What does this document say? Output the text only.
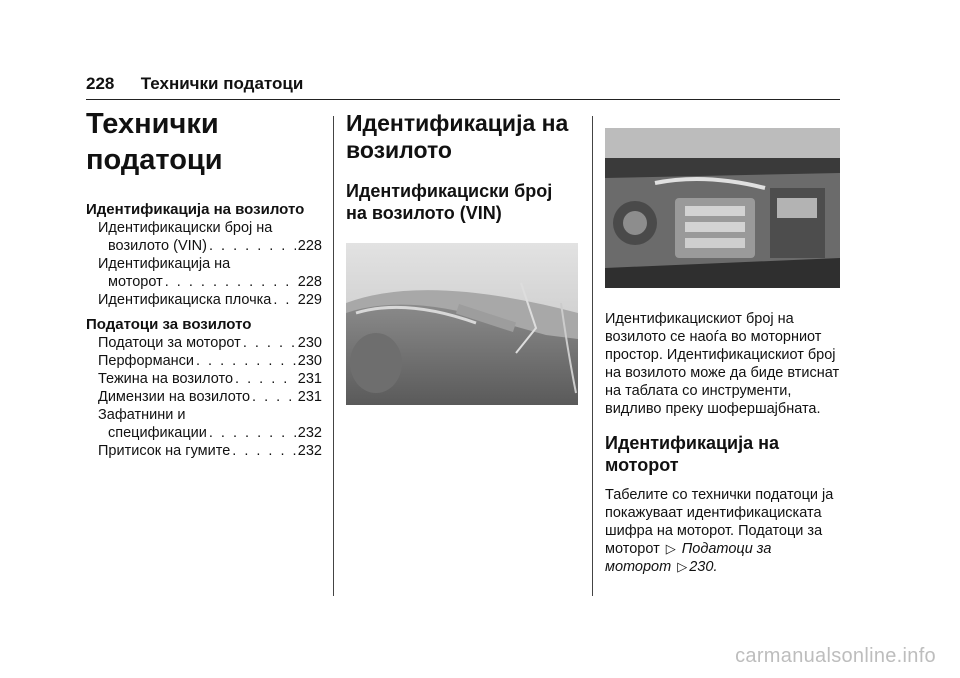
228 Технички податоци
Технички податоци

Идентификација на возилото

Идентификациски број на
возилото (VIN) . . .	228
Идентификација на
моторот . . .	228
Идентификациска плочка . . . 229

Податоци за возилото

Податоци за моторот . . .	230
Перформанси . . .	230
Тежина на возилото . . .	231
Димензии на возилото . . .	231
Зафатнини и
спецификации . . .	232
Притисок на гумите . . .	232
Идентификација на возилото
Идентификациски број на возилото (VIN)

Идентификацискиот број на возилото се наоѓа во моторниот простор. Идентификацискиот број на возилото може да биде втиснат на таблата со инструменти, видливо преку шофершајбната.

Идентификација на моторот

Табелите со технички податоци ја покажуваат идентификациската шифра на моторот. Податоци за моторот ▷ Податоци за моторот ▷ 230.

carmanualsonline.info
